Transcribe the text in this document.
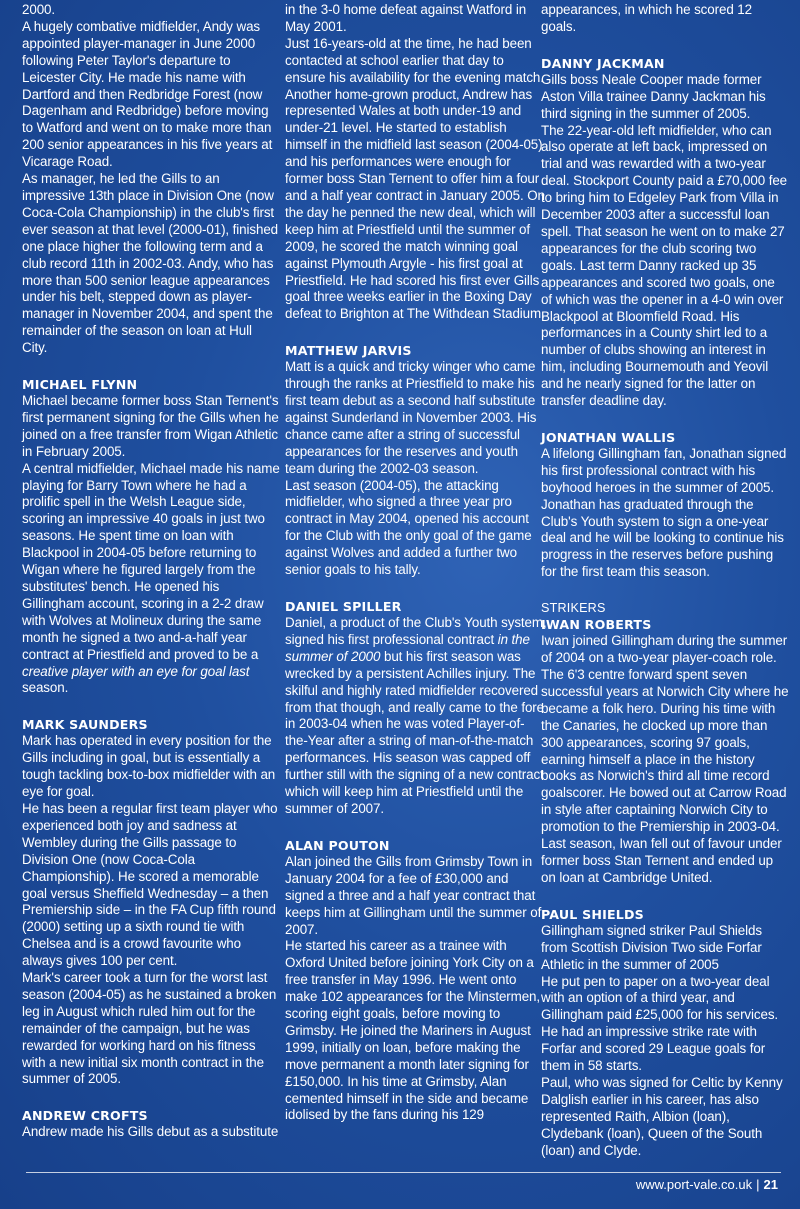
2000.

A hugely combative midfielder, Andy was appointed player-manager in June 2000 following Peter Taylor's departure to Leicester City. He made his name with Dartford and then Redbridge Forest (now Dagenham and Redbridge) before moving to Watford and went on to make more than 200 senior appearances in his five years at Vicarage Road.

As manager, he led the Gills to an impressive 13th place in Division One (now Coca-Cola Championship) in the club's first ever season at that level (2000-01), finished one place higher the following term and a club record 11th in 2002-03. Andy, who has more than 500 senior league appearances under his belt, stepped down as player-manager in November 2004, and spent the remainder of the season on loan at Hull City.

MICHAEL FLYNN

Michael became former boss Stan Ternent's first permanent signing for the Gills when he joined on a free transfer from Wigan Athletic in February 2005.

A central midfielder, Michael made his name playing for Barry Town where he had a prolific spell in the Welsh League side, scoring an impressive 40 goals in just two seasons. He spent time on loan with Blackpool in 2004-05 before returning to Wigan where he figured largely from the substitutes' bench. He opened his Gillingham account, scoring in a 2-2 draw with Wolves at Molineux during the same month he signed a two and-a-half year contract at Priestfield and proved to be a creative player with an eye for goal last season.

MARK SAUNDERS

Mark has operated in every position for the Gills including in goal, but is essentially a tough tackling box-to-box midfielder with an eye for goal.

He has been a regular first team player who experienced both joy and sadness at Wembley during the Gills passage to Division One (now Coca-Cola Championship). He scored a memorable goal versus Sheffield Wednesday – a then Premiership side – in the FA Cup fifth round (2000) setting up a sixth round tie with Chelsea and is a crowd favourite who always gives 100 per cent.

Mark's career took a turn for the worst last season (2004-05) as he sustained a broken leg in August which ruled him out for the remainder of the campaign, but he was rewarded for working hard on his fitness with a new initial six month contract in the summer of 2005.

ANDREW CROFTS

Andrew made his Gills debut as a substitute

in the 3-0 home defeat against Watford in May 2001.

Just 16-years-old at the time, he had been contacted at school earlier that day to ensure his availability for the evening match. Another home-grown product, Andrew has represented Wales at both under-19 and under-21 level. He started to establish himself in the midfield last season (2004-05) and his performances were enough for former boss Stan Ternent to offer him a four and a half year contract in January 2005. On the day he penned the new deal, which will keep him at Priestfield until the summer of 2009, he scored the match winning goal against Plymouth Argyle - his first goal at Priestfield. He had scored his first ever Gills goal three weeks earlier in the Boxing Day defeat to Brighton at The Withdean Stadium.

MATTHEW JARVIS

Matt is a quick and tricky winger who came through the ranks at Priestfield to make his first team debut as a second half substitute against Sunderland in November 2003. His chance came after a string of successful appearances for the reserves and youth team during the 2002-03 season.

Last season (2004-05), the attacking midfielder, who signed a three year pro contract in May 2004, opened his account for the Club with the only goal of the game against Wolves and added a further two senior goals to his tally.

DANIEL SPILLER

Daniel, a product of the Club's Youth system, signed his first professional contract in the summer of 2000 but his first season was wrecked by a persistent Achilles injury. The skilful and highly rated midfielder recovered from that though, and really came to the fore in 2003-04 when he was voted Player-of-the-Year after a string of man-of-the-match performances. His season was capped off further still with the signing of a new contract which will keep him at Priestfield until the summer of 2007.

ALAN POUTON

Alan joined the Gills from Grimsby Town in January 2004 for a fee of £30,000 and signed a three and a half year contract that keeps him at Gillingham until the summer of 2007.

He started his career as a trainee with Oxford United before joining York City on a free transfer in May 1996. He went onto make 102 appearances for the Minstermen, scoring eight goals, before moving to Grimsby. He joined the Mariners in August 1999, initially on loan, before making the move permanent a month later signing for £150,000. In his time at Grimsby, Alan cemented himself in the side and became idolised by the fans during his 129

appearances, in which he scored 12 goals.

DANNY JACKMAN

Gills boss Neale Cooper made former Aston Villa trainee Danny Jackman his third signing in the summer of 2005.

The 22-year-old left midfielder, who can also operate at left back, impressed on trial and was rewarded with a two-year deal. Stockport County paid a £70,000 fee to bring him to Edgeley Park from Villa in December 2003 after a successful loan spell. That season he went on to make 27 appearances for the club scoring two goals. Last term Danny racked up 35 appearances and scored two goals, one of which was the opener in a 4-0 win over Blackpool at Bloomfield Road. His performances in a County shirt led to a number of clubs showing an interest in him, including Bournemouth and Yeovil and he nearly signed for the latter on transfer deadline day.

JONATHAN WALLIS

A lifelong Gillingham fan, Jonathan signed his first professional contract with his boyhood heroes in the summer of 2005. Jonathan has graduated through the Club's Youth system to sign a one-year deal and he will be looking to continue his progress in the reserves before pushing for the first team this season.

STRIKERS
IWAN ROBERTS

Iwan joined Gillingham during the summer of 2004 on a two-year player-coach role. The 6'3 centre forward spent seven successful years at Norwich City where he became a folk hero. During his time with the Canaries, he clocked up more than 300 appearances, scoring 97 goals, earning himself a place in the history books as Norwich's third all time record goalscorer. He bowed out at Carrow Road in style after captaining Norwich City to promotion to the Premiership in 2003-04. Last season, Iwan fell out of favour under former boss Stan Ternent and ended up on loan at Cambridge United.

PAUL SHIELDS

Gillingham signed striker Paul Shields from Scottish Division Two side Forfar Athletic in the summer of 2005

He put pen to paper on a two-year deal with an option of a third year, and Gillingham paid £25,000 for his services. He had an impressive strike rate with Forfar and scored 29 League goals for them in 58 starts.

Paul, who was signed for Celtic by Kenny Dalglish earlier in his career, has also represented Raith, Albion (loan), Clydebank (loan), Queen of the South (loan) and Clyde.

www.port-vale.co.uk | 21
